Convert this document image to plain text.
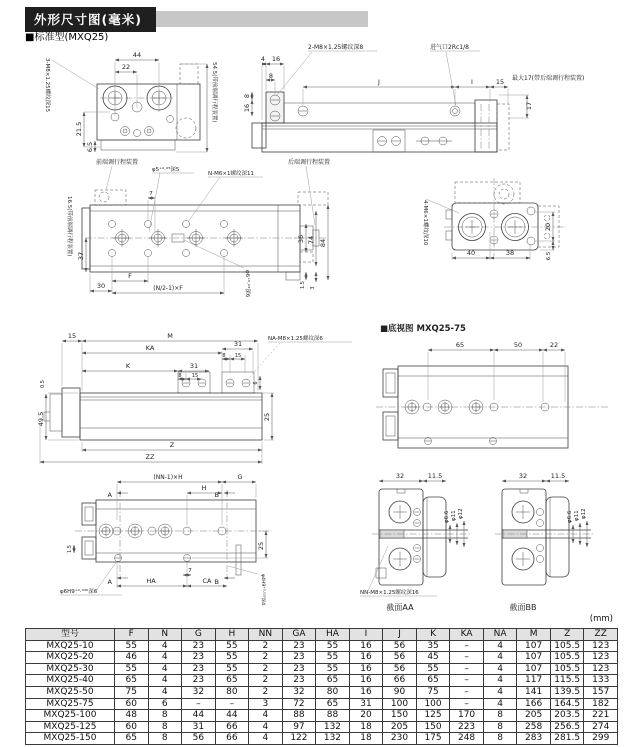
外形尺寸图(毫米)
■标准型(MXQ25)
44
22
21.5
6.5
3-M8×1.25螺纹深15	54.5(带前端调行程装置)
4 16
8
8
16
J	I	15 最大17(带后端调行程装置)
17
2-M8×1.25螺纹深8	进气口2Rc1/8
7
前端调行程装置
φ5⁺⁰·⁰⁵深5
N-M6×1螺纹深11
后端调行程装置
16.5(带前端调行程装置) 37
36 74 84
1.5 3
30
F
(N/2-1)×F	φ6⁺⁰·⁰³深6
40	38
20
6.5
4-M6×1螺纹深10
15	M
KA	31
8 15
K	31
8 15
NA-M8×1.25螺纹深6
6
25
0.5
49.5
Z
ZZ
■底视图 MXQ25-75
65	50	22
A
A
B
B
(NN-1)×H	G
H
7
HA	CA
25
1.5
φ6H9⁺⁰·⁰³⁰深6	φ4H9⁺⁰·⁰³⁰深4
32	11.5
φ6.6 φ11 φ12
NN-M8×1.25螺纹深16
截面AA
32	11.5
φ6.6 φ11 φ12
截面BB
(mm)
型号	F	N	G	H	NN	GA	HA	I	J	K	KA	NA	M	Z	ZZ
MXQ25-10	55	4	23	55	2	23	55	16	56	35	–	4	107	105.5	123
MXQ25-20	46	4	23	55	2	23	55	16	56	45	–	4	107	105.5	123
MXQ25-30	55	4	23	55	2	23	55	16	56	55	–	4	107	105.5	123
MXQ25-40	65	4	23	65	2	23	65	16	66	65	–	4	117	115.5	133
MXQ25-50	75	4	32	80	2	32	80	16	90	75	–	4	141	139.5	157
MXQ25-75	60	6	–	–	3	72	65	31	100	100	–	4	166	164.5	182
MXQ25-100	48	8	44	44	4	88	88	20	150	125	170	8	205	203.5	221
MXQ25-125	60	8	31	66	4	97	132	18	205	150	223	8	258	256.5	274
MXQ25-150	65	8	56	66	4	122	132	18	230	175	248	8	283	281.5	299
